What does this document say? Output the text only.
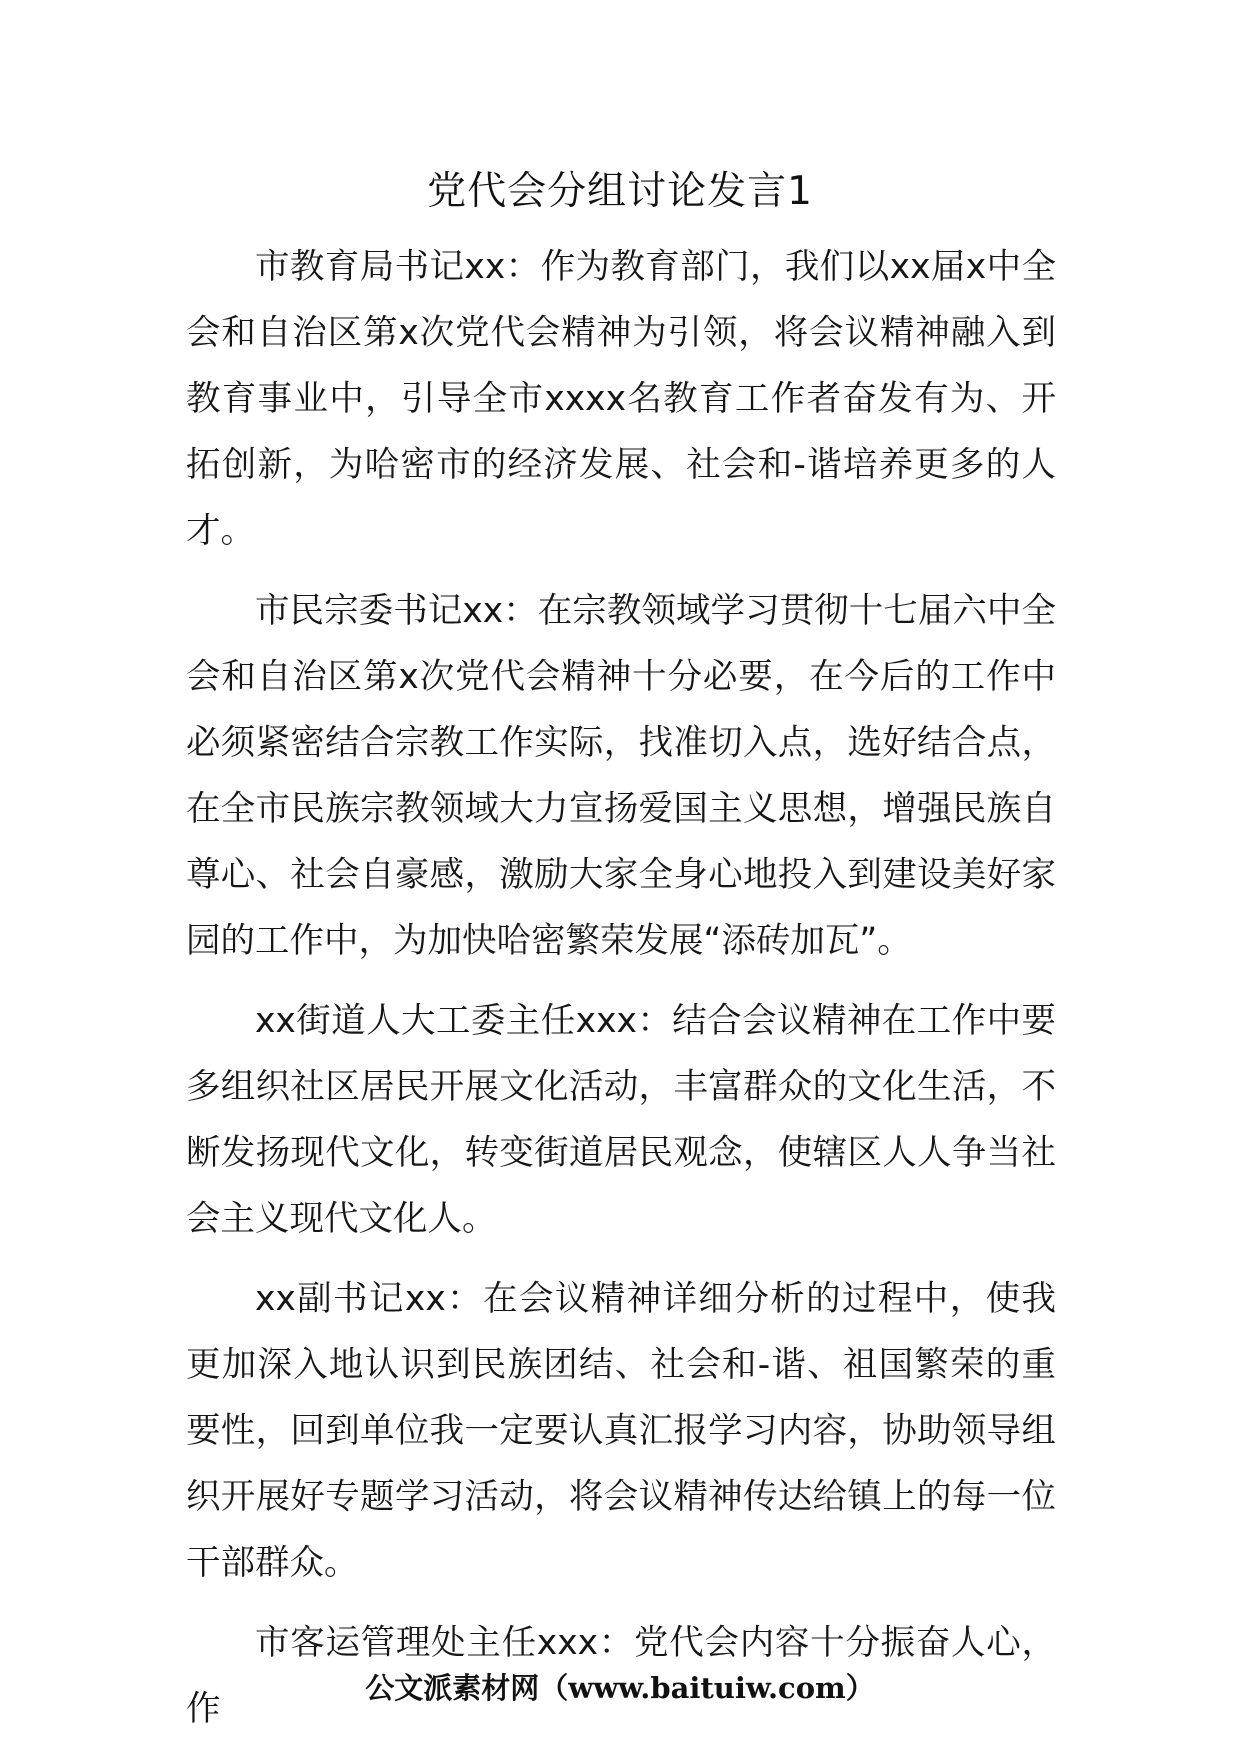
党代会分组讨论发言1

市教育局书记xx：作为教育部门，我们以xx届x中全会和自治区第x次党代会精神为引领，将会议精神融入到教育事业中，引导全市xxxx名教育工作者奋发有为、开拓创新，为哈密市的经济发展、社会和-谐培养更多的人才。

市民宗委书记xx：在宗教领域学习贯彻十七届六中全会和自治区第x次党代会精神十分必要，在今后的工作中必须紧密结合宗教工作实际，找准切入点，选好结合点，在全市民族宗教领域大力宣扬爱国主义思想，增强民族自尊心、社会自豪感，激励大家全身心地投入到建设美好家园的工作中，为加快哈密繁荣发展“添砖加瓦”。

xx街道人大工委主任xxx：结合会议精神在工作中要多组织社区居民开展文化活动，丰富群众的文化生活，不断发扬现代文化，转变街道居民观念，使辖区人人争当社会主义现代文化人。

xx副书记xx：在会议精神详细分析的过程中，使我更加深入地认识到民族团结、社会和-谐、祖国繁荣的重要性，回到单位我一定要认真汇报学习内容，协助领导组织开展好专题学习活动，将会议精神传达给镇上的每一位干部群众。

市客运管理处主任xxx：党代会内容十分振奋人心，作

公文派素材网（www.baituiw.com）
